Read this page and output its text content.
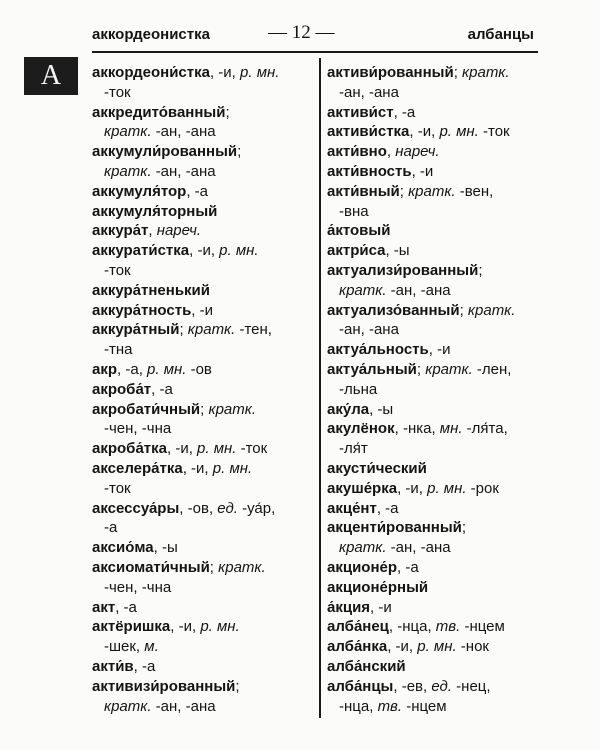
аккордеонистка	— 12 —	албанцы
А	аккордеони́стка, -и, р. мн.
-ток
аккредито́ванный;
кратк. -ан, -ана
аккумули́рованный;
кратк. -ан, -ана
аккумуля́тор, -а
аккумуля́торный
аккура́т, нареч.
аккурати́стка, -и, р. мн.
-ток
аккура́тненький
аккура́тность, -и
аккура́тный; кратк. -тен,
-тна
акр, -а, р. мн. -ов
акроба́т, -а
акробати́чный; кратк.
-чен, -чна
акроба́тка, -и, р. мн. -ток
акселера́тка, -и, р. мн.
-ток
аксессуа́ры, -ов, ед. -уа́р,
-а
аксио́ма, -ы
аксиомати́чный; кратк.
-чен, -чна
акт, -а
актёришка, -и, р. мн.
-шек, м.
акти́в, -а
активизи́рованный;
кратк. -ан, -ана
активи́рованный; кратк.
-ан, -ана
активи́ст, -а
активи́стка, -и, р. мн. -ток
акти́вно, нареч.
акти́вность, -и
акти́вный; кратк. -вен,
-вна
а́ктовый
актри́са, -ы
актуализи́рованный;
кратк. -ан, -ана
актуализо́ванный; кратк.
-ан, -ана
актуа́льность, -и
актуа́льный; кратк. -лен,
-льна
аку́ла, -ы
акулёнок, -нка, мн. -ля́та,
-ля́т
акусти́ческий
акуше́рка, -и, р. мн. -рок
акце́нт, -а
акценти́рованный;
кратк. -ан, -ана
акционе́р, -а
акционе́рный
а́кция, -и
алба́нец, -нца, тв. -нцем
алба́нка, -и, р. мн. -нок
алба́нский
алба́нцы, -ев, ед. -нец,
-нца, тв. -нцем
